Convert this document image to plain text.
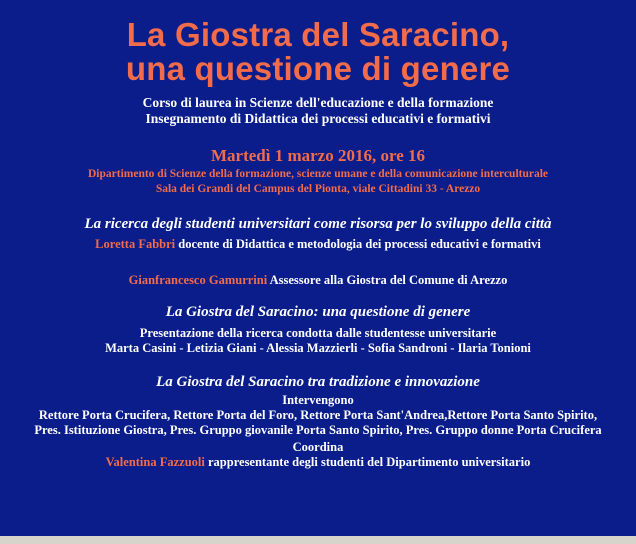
La Giostra del Saracino,
una questione di genere
Corso di laurea in Scienze dell'educazione e della formazione
Insegnamento di Didattica dei processi educativi e formativi
Martedì 1 marzo 2016, ore 16
Dipartimento di Scienze della formazione, scienze umane e della comunicazione interculturale
Sala dei Grandi del Campus del Pionta, viale Cittadini 33 - Arezzo
La ricerca degli studenti universitari come risorsa per lo sviluppo della città
Loretta Fabbri docente di Didattica e metodologia dei processi educativi e formativi
Gianfrancesco Gamurrini Assessore alla Giostra del Comune di Arezzo
La Giostra del Saracino: una questione di genere
Presentazione della ricerca condotta dalle studentesse universitarie
Marta Casini - Letizia Giani - Alessia Mazzierli - Sofia Sandroni - Ilaria Tonioni
La Giostra del Saracino tra tradizione e innovazione
Intervengono
Rettore Porta Crucifera, Rettore Porta del Foro, Rettore Porta Sant'Andrea,Rettore Porta Santo Spirito,
Pres. Istituzione Giostra, Pres. Gruppo giovanile Porta Santo Spirito, Pres. Gruppo donne Porta Crucifera
Coordina
Valentina Fazzuoli rappresentante degli studenti del Dipartimento universitario
